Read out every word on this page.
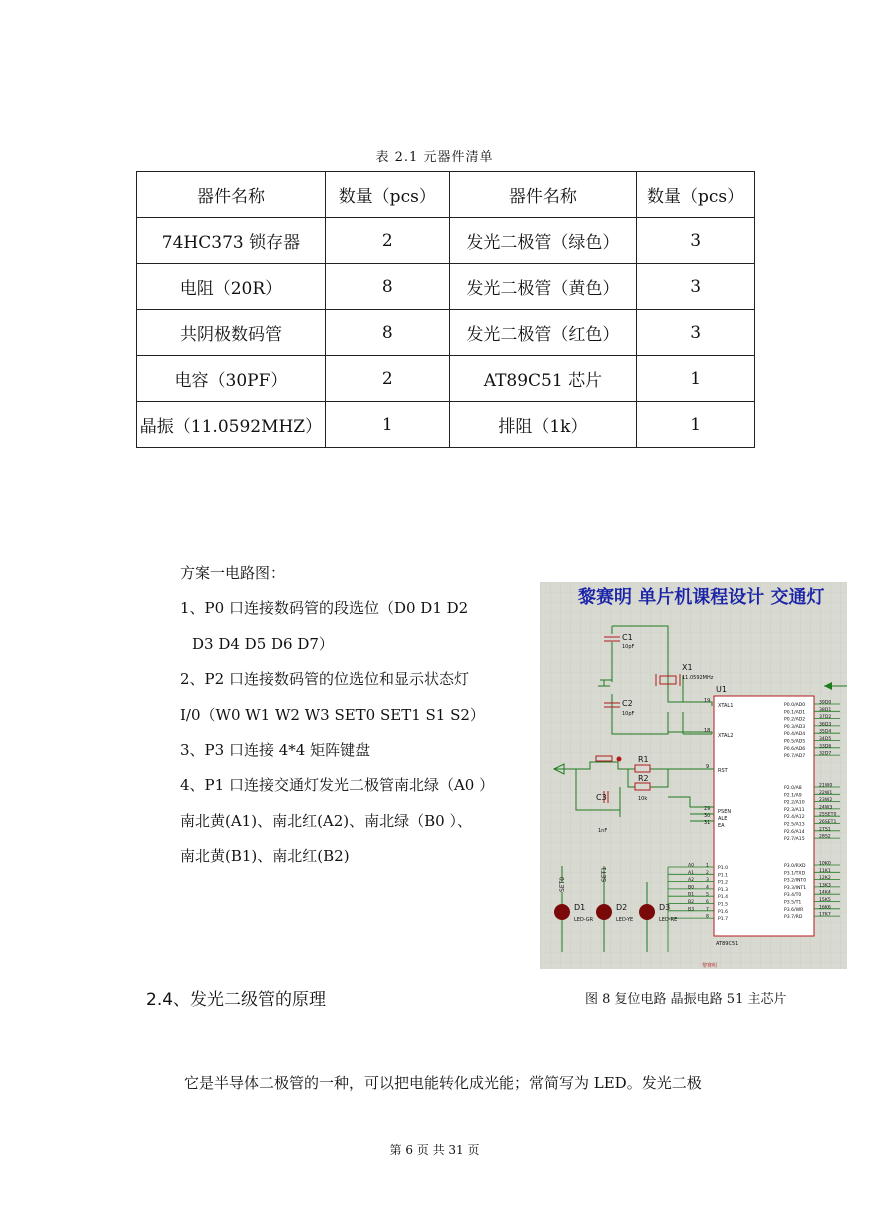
表 2.1 元器件清单
器件名称	数量（pcs）	器件名称	数量（pcs）
74HC373 锁存器	2	发光二极管（绿色）	3
电阻（20R）	8	发光二极管（黄色）	3
共阴极数码管	8	发光二极管（红色）	3
电容（30PF）	2	AT89C51 芯片	1
晶振（11.0592MHZ）	1	排阻（1k）	1
方案一电路图：
1、P0 口连接数码管的段选位（D0 D1 D2
D3 D4 D5 D6 D7）
2、P2 口连接数码管的位选位和显示状态灯
I/0（W0 W1 W2 W3 SET0 SET1 S1 S2）
3、P3 口连接 4*4 矩阵键盘
4、P1 口连接交通灯发光二极管南北绿（A0 ）
南北黄(A1)、南北红(A2)、南北绿（B0 ）、
南北黄(B1)、南北红(B2)
黎赛明 单片机课程设计 交通灯
C1
10pF
C2
10pF
X1
11.0592MHz
U1
AT89C51
XTAL1
XTAL2
RST
PSEN
ALE
EA
19
18
9
29
30
31
R1
R2
10k
C3
1nF
P0.0/AD0	39D0
P0.1/AD1	38D1
P0.2/AD2	37D2
P0.3/AD3	36D3
P0.4/AD4	35D4
P0.5/AD5	34D5
P0.6/AD6	33D6
P0.7/AD7	32D7
P2.0/A8	21W0
P2.1/A9	22W1
P2.2/A10	23W2
P2.3/A11	24W3
P2.4/A12	25SET0
P2.5/A13	26SET1
P2.6/A14	27S1
P2.7/A15	28S2
P3.0/RXD	10K0
P3.1/TXD	11K1
P3.2/INT0	12K2
P3.3/INT1	13K3
P3.4/T0	14K4
P3.5/T1	15K5
P3.6/WR	16K6
P3.7/RD	17K7
P1.0
1
A0
P1.1
2
A1
P1.2
3
A2
P1.3
4
B0
P1.4
5
B1
P1.5
6
B2
P1.6
7
B3
P1.7
8
D1	D2	D3
LED-GR	LED-YE	LED-RE
SET0
SET1
黎赛明
2.4、发光二级管的原理	图 8 复位电路 晶振电路 51 主芯片
它是半导体二极管的一种，可以把电能转化成光能；常简写为 LED。发光二极
第 6 页 共 31 页
